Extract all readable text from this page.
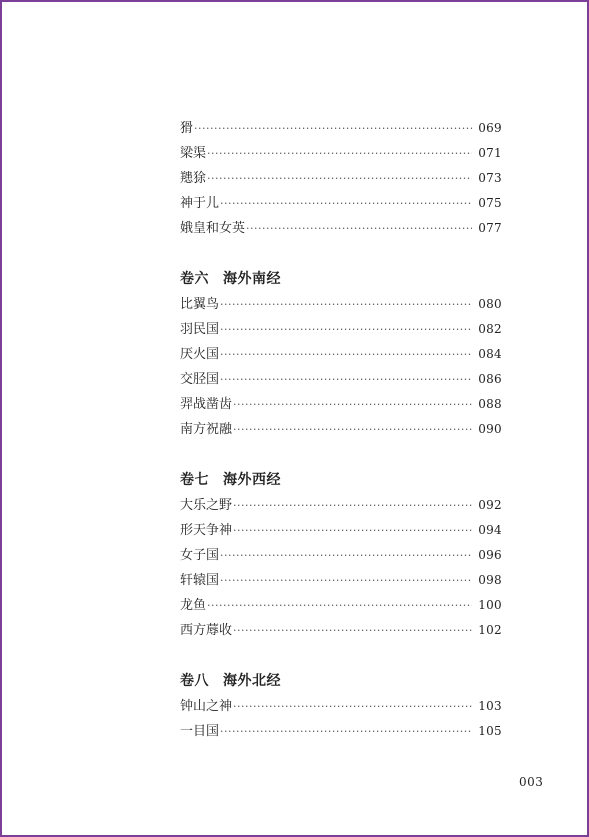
猾 ·····	069
梁渠 ·····	071
䍺狳 ·····	073
神于儿 ·····	075
娥皇和女英 ·····	077
卷六 海外南经
比翼鸟 ·····	080
羽民国 ·····	082
厌火国 ·····	084
交胫国 ·····	086
羿战凿齿 ·····	088
南方祝融 ·····	090
卷七 海外西经
大乐之野 ·····	092
形天争神 ·····	094
女子国 ·····	096
轩辕国 ·····	098
龙鱼 ·····	100
西方蓐收 ·····	102
卷八 海外北经
钟山之神 ·····	103
一目国 ·····	105
003
